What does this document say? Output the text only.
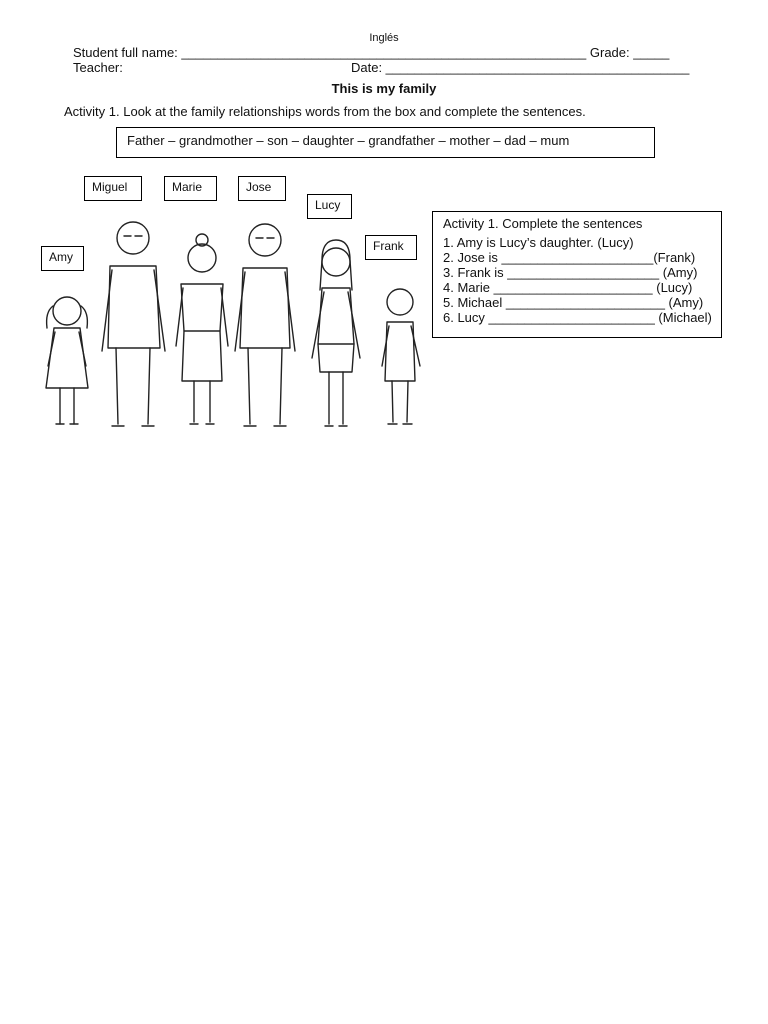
Inglés
Student full name: ________________________________________________________ Grade: _____
Teacher:	Date: __________________________________________
This is my family
Activity 1. Look at the family relationships words from the box and complete the sentences.
Father – grandmother – son – daughter – grandfather – mother – dad – mum
Miguel	Marie	Jose
Lucy
Amy
Frank
Activity 1. Complete the sentences
1. Amy is Lucy’s daughter. (Lucy)
2. Jose is _____________________(Frank)
3. Frank is _____________________ (Amy)
4. Marie ______________________ (Lucy)
5. Michael ______________________ (Amy)
6. Lucy _______________________ (Michael)
